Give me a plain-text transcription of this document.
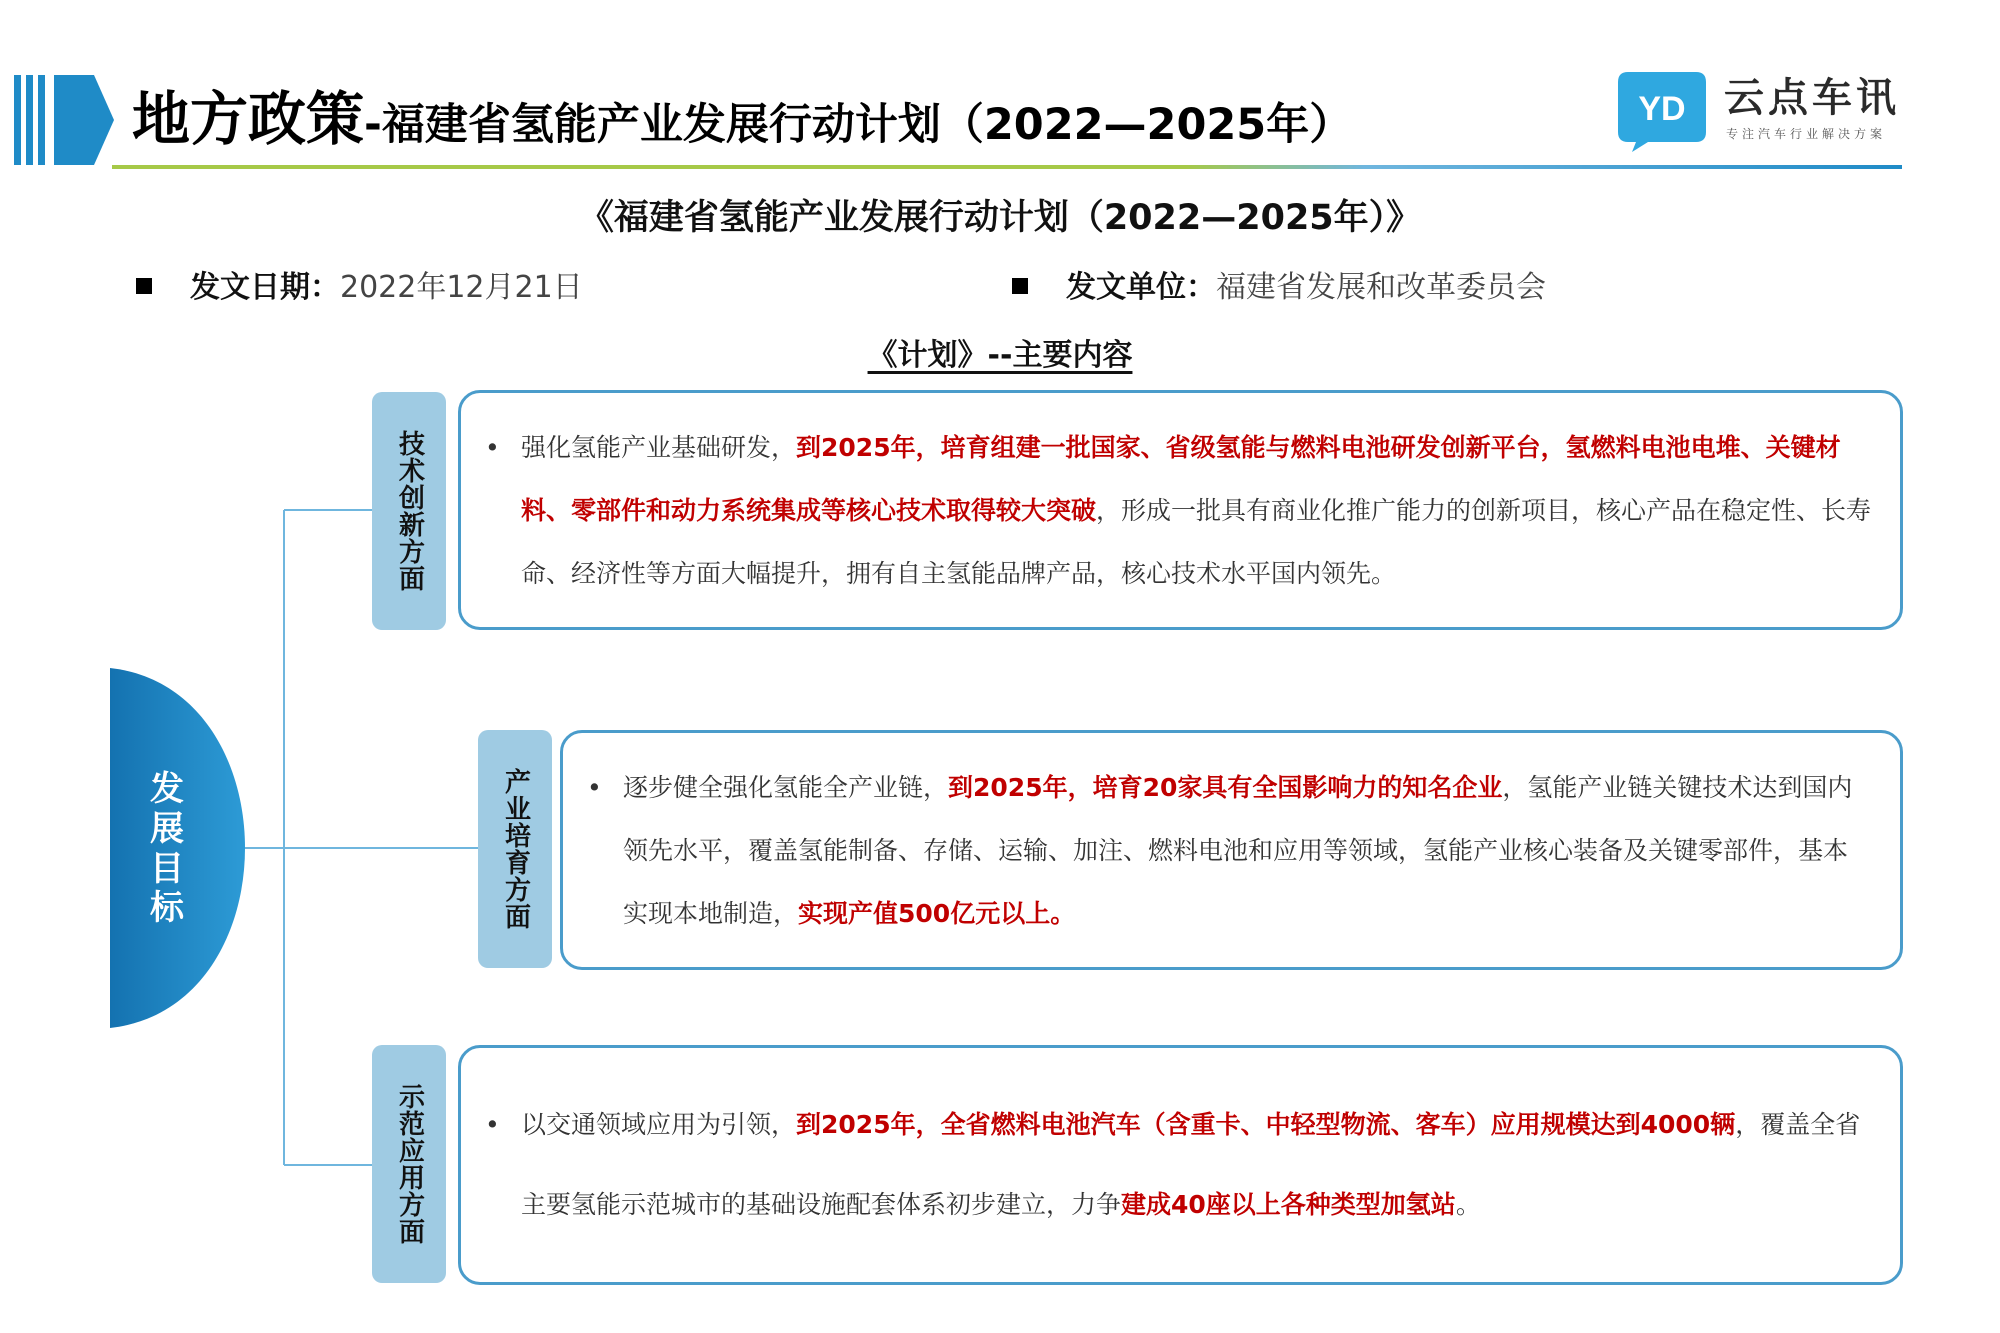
地方政策-福建省氢能产业发展行动计划（2022—2025年）	YD 云点车讯
专注汽车行业解决方案
《福建省氢能产业发展行动计划（2022—2025年）》
发文日期：2022年12月21日	发文单位：福建省发展和改革委员会
《计划》--主要内容
发展目标
技术创新方面
产业培育方面
示范应用方面
• 强化氢能产业基础研发，到2025年，培育组建一批国家、省级氢能与燃料电池研发创新平台，氢燃料电池电堆、关键材料、零部件和动力系统集成等核心技术取得较大突破，形成一批具有商业化推广能力的创新项目，核心产品在稳定性、长寿命、经济性等方面大幅提升，拥有自主氢能品牌产品，核心技术水平国内领先。
• 逐步健全强化氢能全产业链，到2025年，培育20家具有全国影响力的知名企业，氢能产业链关键技术达到国内领先水平，覆盖氢能制备、存储、运输、加注、燃料电池和应用等领域，氢能产业核心装备及关键零部件，基本实现本地制造，实现产值500亿元以上。
• 以交通领域应用为引领，到2025年，全省燃料电池汽车（含重卡、中轻型物流、客车）应用规模达到4000辆，覆盖全省主要氢能示范城市的基础设施配套体系初步建立，力争建成40座以上各种类型加氢站。
